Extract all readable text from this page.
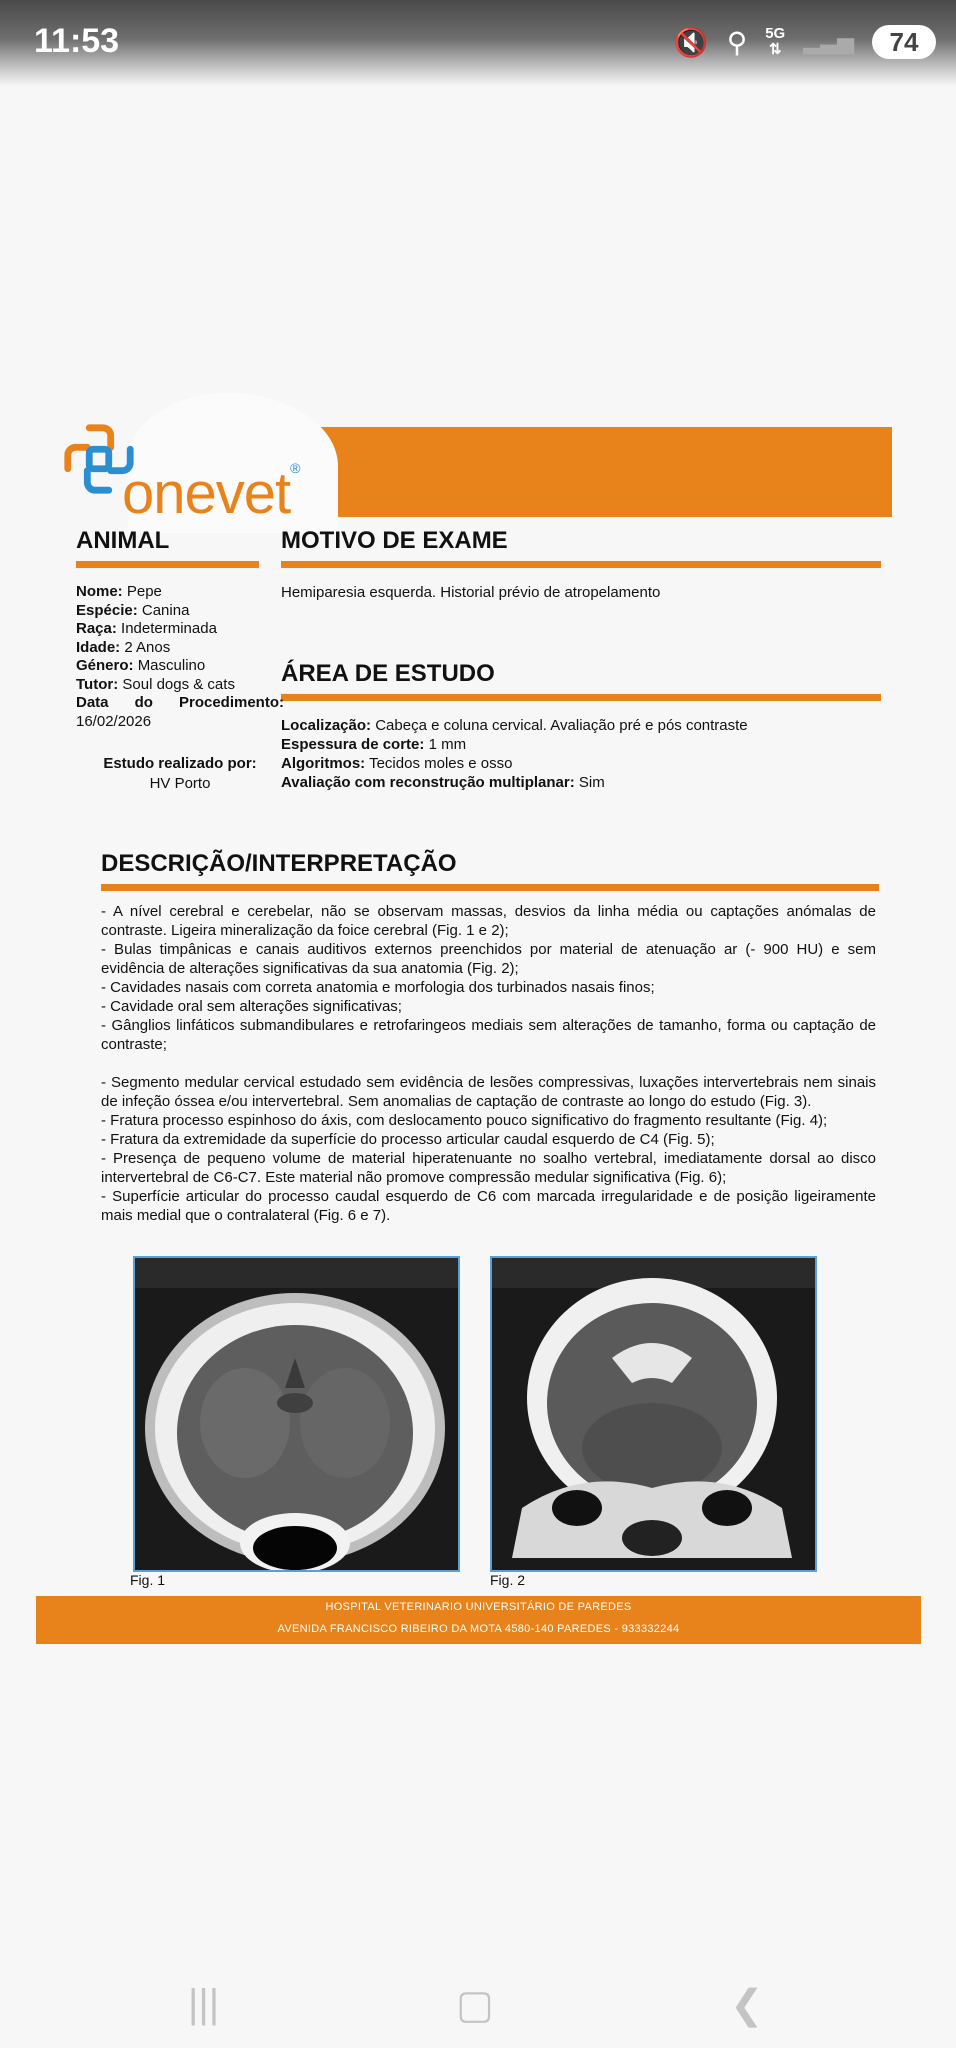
11:53	🔇 ⚲ 5G
⇅ ▂▃▅ 74
onevet®
ANIMAL	MOTIVO DE EXAME
ÁREA DE ESTUDO
DESCRIÇÃO/INTERPRETAÇÃO
Nome: Pepe
Espécie: Canina
Raça: Indeterminada
Idade: 2 Anos
Género: Masculino
Tutor: Soul dogs & cats
Data do Procedimento:
16/02/2026
Estudo realizado por:
HV Porto
Hemiparesia esquerda. Historial prévio de atropelamento
Localização: Cabeça e coluna cervical. Avaliação pré e pós contraste
Espessura de corte: 1 mm
Algoritmos: Tecidos moles e osso
Avaliação com reconstrução multiplanar: Sim

- A nível cerebral e cerebelar, não se observam massas, desvios da linha média ou captações anómalas de contraste. Ligeira mineralização da foice cerebral (Fig. 1 e 2);

- Bulas timpânicas e canais auditivos externos preenchidos por material de atenuação ar (- 900 HU) e sem evidência de alterações significativas da sua anatomia (Fig. 2);

- Cavidades nasais com correta anatomia e morfologia dos turbinados nasais finos;

- Cavidade oral sem alterações significativas;

- Gânglios linfáticos submandibulares e retrofaringeos mediais sem alterações de tamanho, forma ou captação de contraste;

- Segmento medular cervical estudado sem evidência de lesões compressivas, luxações intervertebrais nem sinais de infeção óssea e/ou intervertebral. Sem anomalias de captação de contraste ao longo do estudo (Fig. 3).

- Fratura processo espinhoso do áxis, com deslocamento pouco significativo do fragmento resultante (Fig. 4);

- Fratura da extremidade da superfície do processo articular caudal esquerdo de C4 (Fig. 5);

- Presença de pequeno volume de material hiperatenuante no soalho vertebral, imediatamente dorsal ao disco intervertebral de C6-C7. Este material não promove compressão medular significativa (Fig. 6);

- Superfície articular do processo caudal esquerdo de C6 com marcada irregularidade e de posição ligeiramente mais medial que o contralateral (Fig. 6 e 7).

Fig. 1	Fig. 2
HOSPITAL VETERINARIO UNIVERSITÁRIO DE PAREDES
AVENIDA FRANCISCO RIBEIRO DA MOTA 4580-140 PAREDES - 933332244
|||	▢	❮
